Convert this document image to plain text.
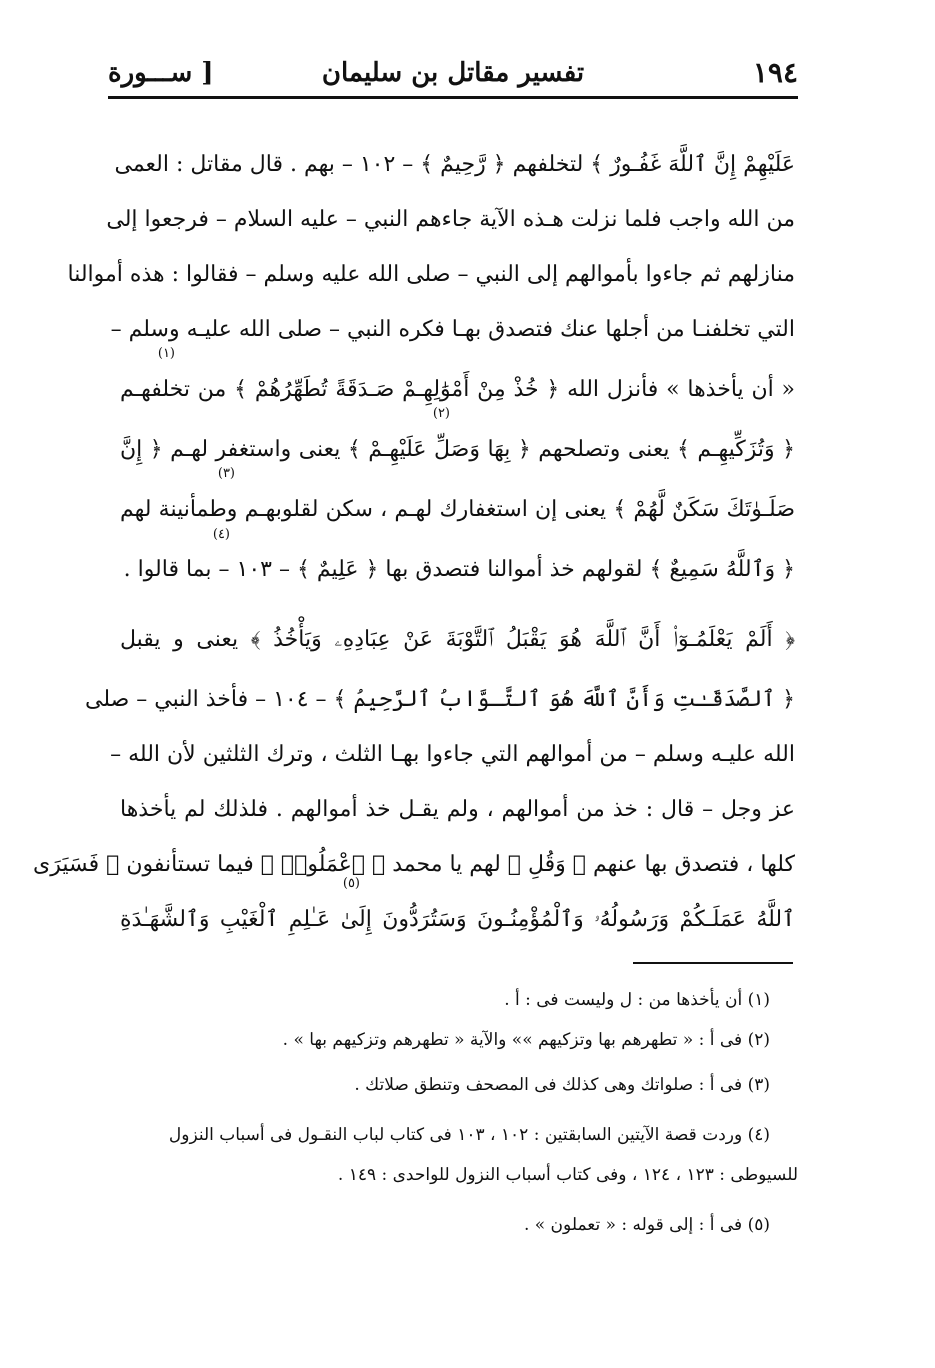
١٩٤
تفسير مقاتل بن سليمان
[ ســـورة
عَلَيْهِمْ إِنَّ ٱللَّهَ غَفُـورٌ ﴾ لتخلفهم ﴿ رَّحِيمٌ ﴾ – ١٠٢ – بهم . قال مقاتل : العمى
من الله واجب فلما نزلت هـذه الآية جاءهم النبي – عليه السلام – فرجعوا إلى
منازلهم ثم جاءوا بأموالهم إلى النبي – صلى الله عليه وسلم – فقالوا : هذه أموالنا
التي تخلفنـا من أجلها عنك فتصدق بهـا فكره النبي – صلى الله عليـه وسلم –
« أن يأخذها » فأنزل الله ﴿ خُذْ مِنْ أَمْوَٰلِهِـمْ صَـدَقَةً تُطَهِّرُهُمْ ﴾ من تخلفهـم
﴿ وَتُزَكِّيهِـم ﴾ يعنى وتصلحهم ﴿ بِهَا وَصَلِّ عَلَيْهِـمْ ﴾ يعنى واستغفر لهـم ﴿ إِنَّ
صَلَـوٰتَكَ سَكَنٌ لَّهُمْ ﴾ يعنى إن استغفارك لهـم ، سكن لقلوبهـم وطمأنينة لهم
﴿ وَٱللَّهُ سَمِيعٌ ﴾ لقولهم خذ أموالنا فتصدق بها ﴿ عَلِيمٌ ﴾ – ١٠٣ – بما قالوا .
﴿ أَلَمْ يَعْلَمُـوٓا۟ أَنَّ ٱللَّهَ هُوَ يَقْبَلُ ٱلتَّوْبَةَ عَنْ عِبَادِهِۦ وَيَأْخُذُ ﴾ يعنى و يقبل
﴿ ٱلصَّدَقَـٰتِ وَأَنَّ ٱللَّهَ هُوَ ٱلتَّـوَّابُ ٱلرَّحِيمُ ﴾ – ١٠٤ – فأخذ النبي – صلى
الله عليـه وسلم – من أموالهم التي جاءوا بهـا الثلث ، وترك الثلثين لأن الله –
عز وجل – قال : خذ من أموالهم ، ولم يقـل خذ أموالهم . فلذلك لم يأخذها
كلها ، فتصدق بها عنهم ﴿ وَقُلِ ﴾ لهم يا محمد ﴿ ٱعْمَلُوا۟ ﴾ فيما تستأنفون ﴿ فَسَيَرَى
ٱللَّهُ عَمَلَـكُمْ وَرَسُولُهُۥ وَٱلْمُؤْمِنُـونَ وَسَتُرَدُّونَ إِلَىٰ عَـٰلِمِ ٱلْغَيْبِ وَٱلشَّهَـٰدَةِ
(١)
(٢)
(٣)
(٤)
(٥)
(١) أن يأخذها من : ل وليست فى : أ .
(٢) فى أ : « تطهرهم بها وتزكيهم »» والآية « تطهرهم وتزكيهم بها » .
(٣) فى أ : صلواتك وهى كذلك فى المصحف وتنطق صلاتك .
(٤) وردت قصة الآيتين السابقتين : ١٠٢ ، ١٠٣ فى كتاب لباب النقـول فى أسباب النزول
للسيوطى : ١٢٣ ، ١٢٤ ، وفى كتاب أسباب النزول للواحدى : ١٤٩ .
(٥) فى أ : إلى قوله : « تعملون » .
